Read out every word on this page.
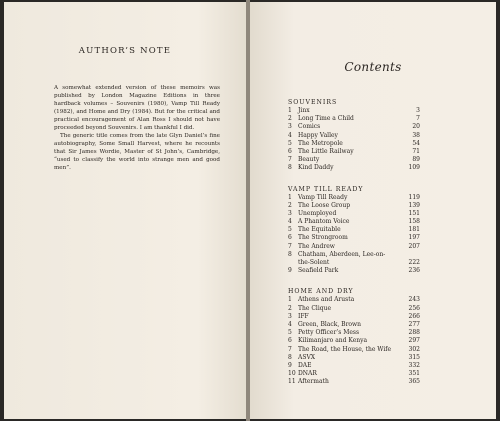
AUTHOR’S NOTE

A somewhat extended version of these memoirs was published by London Magazine Editions in three hardback volumes – Souvenirs (1980), Vamp Till Ready (1982), and Home and Dry (1984). But for the critical and practical encouragement of Alan Ross I should not have proceeded beyond Souvenirs. I am thankful I did.

The generic title comes from the late Glyn Daniel’s fine autobiography, Some Small Harvest, where he recounts that Sir James Wordie, Master of St John’s, Cambridge, “used to classify the world into strange men and good men”.

Contents
SOUVENIRS
1	Jinx	3
2	Long Time a Child	7
3	Comics	20
4	Happy Valley	38
5	The Metropole	54
6	The Little Railway	71
7	Beauty	89
8	Kind Daddy	109
VAMP TILL READY
1	Vamp Till Ready	119
2	The Loose Group	139
3	Unemployed	151
4	A Phantom Voice	158
5	The Equitable	181
6	The Strongroom	197
7	The Andrew	207
8	Chatham, Aberdeen, Lee-on-
the-Solent	222
9	Seafield Park	236
HOME AND DRY
1	Athens and Arusta	243
2	The Clique	256
3	IFF	266
4	Green, Black, Brown	277
5	Petty Officer’s Mess	288
6	Kilimanjaro and Kenya	297
7	The Road, the House, the Wife	302
8	ASVX	315
9	DAE	332
10 DNAR	351
11 Aftermath	365
